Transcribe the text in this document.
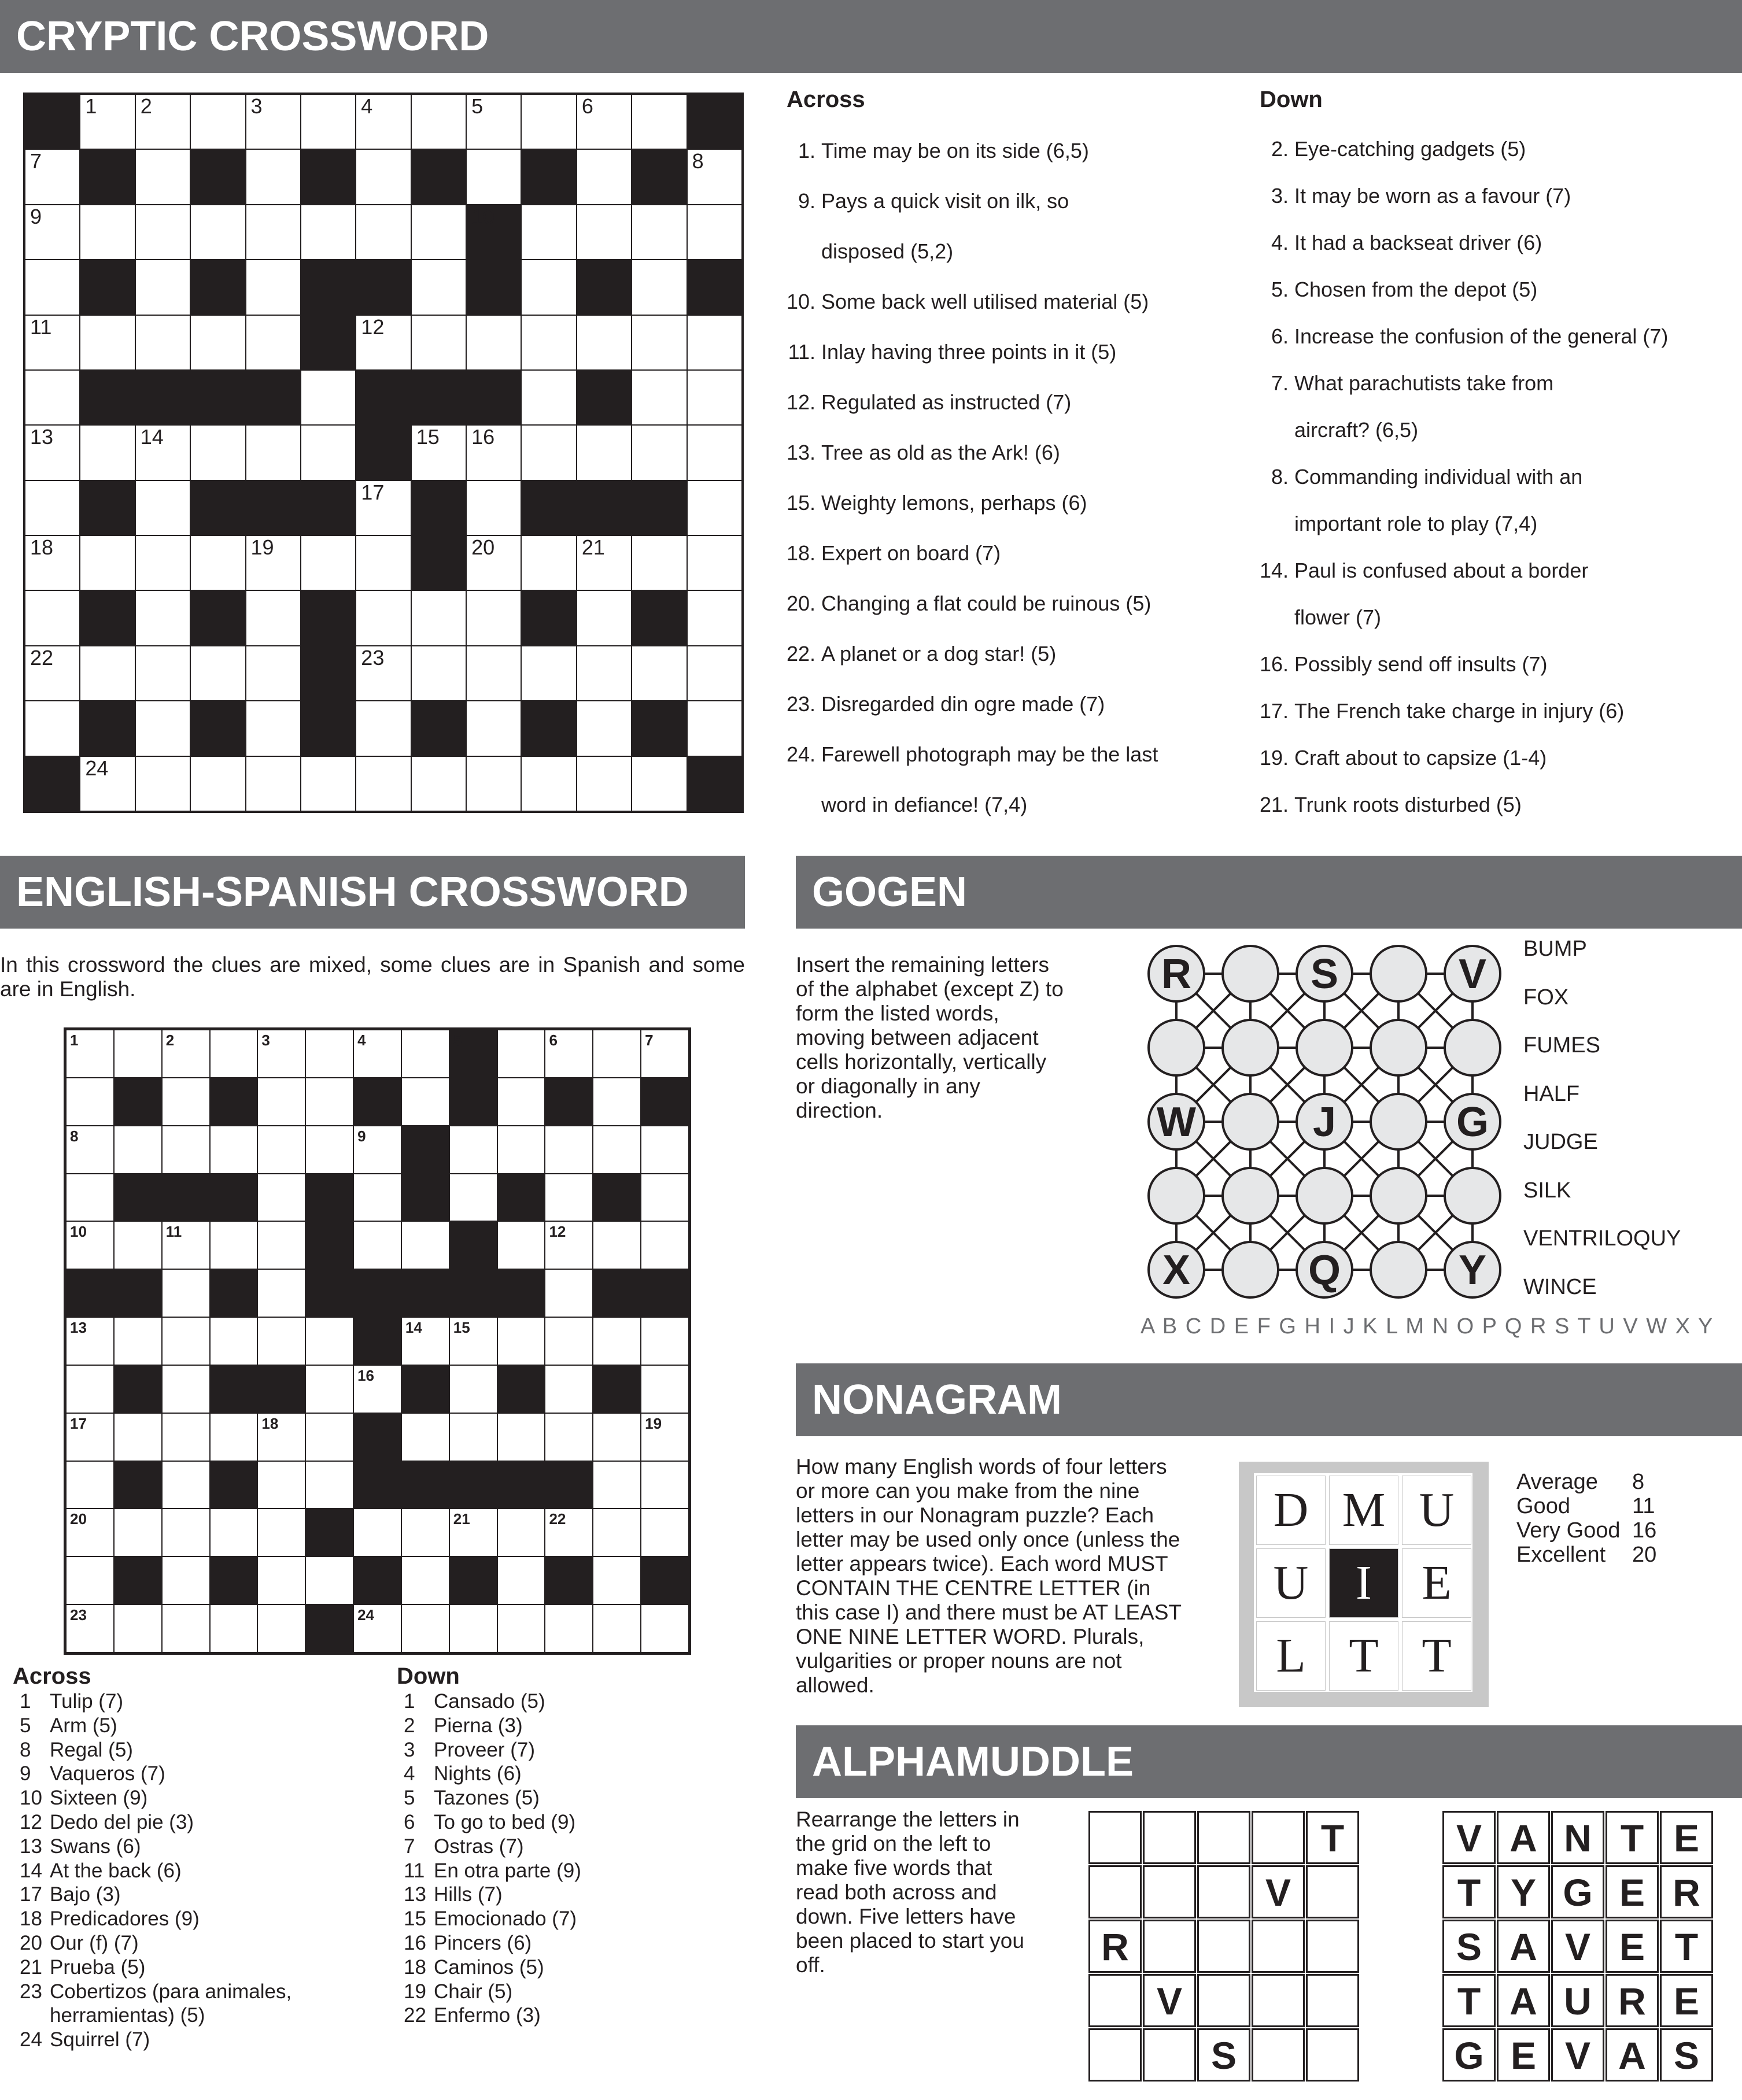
CRYPTIC CROSSWORD
1 2	3	4	5	6
7	8
9	10
11	12
13	14	15 16
17
18	19	20	21
22	23
24
Across
1. Time may be on its side (6,5)
9. Pays a quick visit on ilk, so
disposed (5,2)
10. Some back well utilised material (5)
11. Inlay having three points in it (5)
12. Regulated as instructed (7)
13. Tree as old as the Ark! (6)
15. Weighty lemons, perhaps (6)
18. Expert on board (7)
20. Changing a flat could be ruinous (5)
22. A planet or a dog star! (5)
23. Disregarded din ogre made (7)
24. Farewell photograph may be the last
word in defiance! (7,4)
Down
2. Eye-catching gadgets (5)
3. It may be worn as a favour (7)
4. It had a backseat driver (6)
5. Chosen from the depot (5)
6. Increase the confusion of the general (7)
7. What parachutists take from
aircraft? (6,5)
8. Commanding individual with an
important role to play (7,4)
14. Paul is confused about a border
flower (7)
16. Possibly send off insults (7)
17. The French take charge in injury (6)
19. Craft about to capsize (1-4)
21. Trunk roots disturbed (5)
ENGLISH-SPANISH CROSSWORD
In this crossword the clues are mixed, some clues are in Spanish and some are in English.
1	2	3	4	5	6	7
8	9
10	11	12
13	14 15
16
17	18	19
20	21	22
23	24
Across
1 Tulip (7)
5 Arm (5)
8 Regal (5)
9 Vaqueros (7)
10 Sixteen (9)
12 Dedo del pie (3)
13 Swans (6)
14 At the back (6)
17 Bajo (3)
18 Predicadores (9)
20 Our (f) (7)
21 Prueba (5)
23 Cobertizos (para animales,
herramientas) (5)
24 Squirrel (7)
Down
1 Cansado (5)
2 Pierna (3)
3 Proveer (7)
4 Nights (6)
5 Tazones (5)
6 To go to bed (9)
7 Ostras (7)
11 En otra parte (9)
13 Hills (7)
15 Emocionado (7)
16 Pincers (6)
18 Caminos (5)
19 Chair (5)
22 Enfermo (3)
GOGEN
Insert the remaining letters of the alphabet (except Z) to form the listed words, moving between adjacent cells horizontally, vertically or diagonally in any direction.
R	S	V
W	J	G
X	Q	Y
BUMP
FOX
FUMES
HALF
JUDGE
SILK
VENTRILOQUY
WINCE
A B C D E F G H I J K L M N O P Q R S T U V W X Y
NONAGRAM
How many English words of four letters or more can you make from the nine letters in our Nonagram puzzle? Each letter may be used only once (unless the letter appears twice). Each word MUST CONTAIN THE CENTRE LETTER (in this case I) and there must be AT LEAST ONE NINE LETTER WORD. Plurals, vulgarities or proper nouns are not allowed.
D M U
U I	E
L T T
Average	8
Good	11
Very Good 16
Excellent	20
ALPHAMUDDLE
Rearrange the letters in the grid on the left to make five words that read both across and down. Five letters have been placed to start you off.
T
V
R
V
S
V A N T E
T Y G E R
S A V E T
T A U R E
G E V A S
